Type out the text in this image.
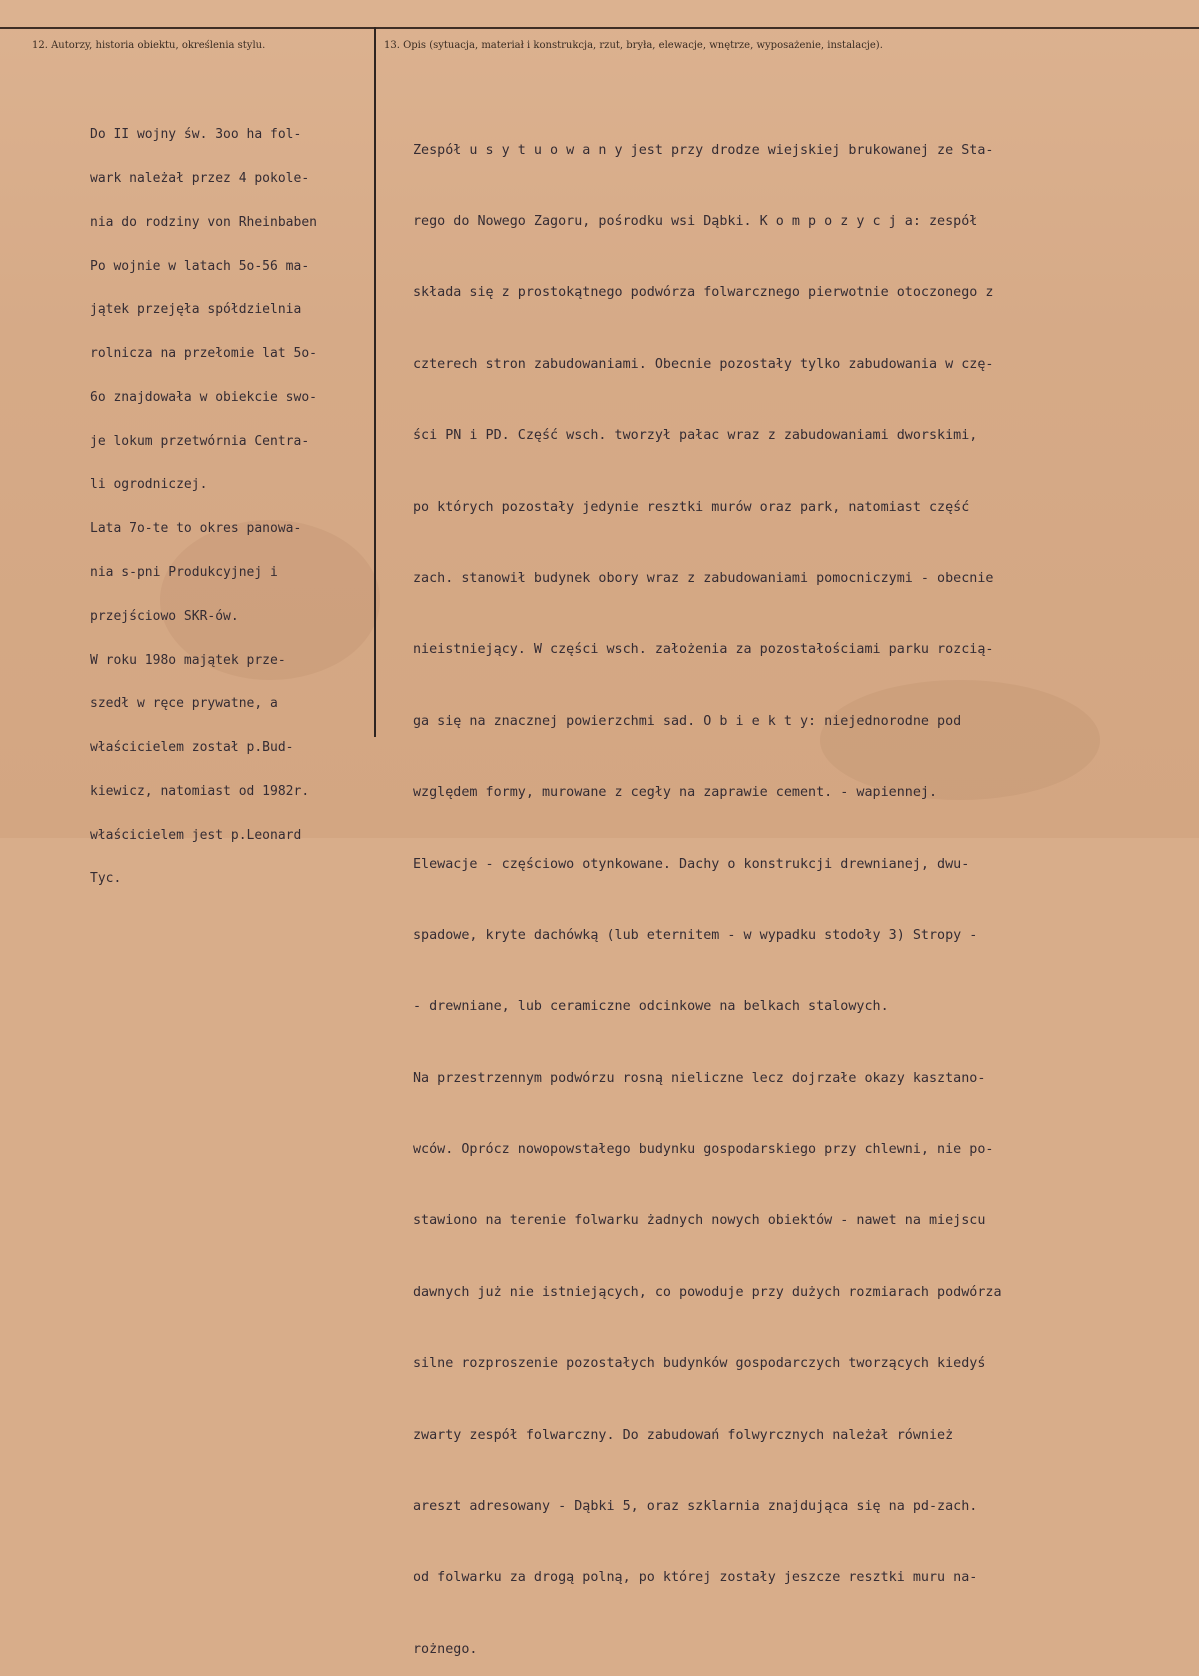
12. Autorzy, historia obiektu, określenia stylu.	13. Opis (sytuacja, materiał i konstrukcja, rzut, bryła, elewacje, wnętrze, wyposażenie, instalacje).

Do II wojny św. 3oo ha fol-

wark należał przez 4 pokole-

nia do rodziny von Rheinbaben

Po wojnie w latach 5o-56 ma-

jątek przejęła spółdzielnia

rolnicza na przełomie lat 5o-

6o znajdowała w obiekcie swo-

je lokum przetwórnia Centra-

li ogrodniczej.

Lata 7o-te to okres panowa-

nia s-pni Produkcyjnej i

przejściowo SKR-ów.

W roku 198o majątek prze-

szedł w ręce prywatne, a

właścicielem został p.Bud-

kiewicz, natomiast od 1982r.

właścicielem jest p.Leonard

Tyc.

Zespół u s y t u o w a n y jest przy drodze wiejskiej brukowanej ze Sta-

rego do Nowego Zagoru, pośrodku wsi Dąbki. K o m p o z y c j a: zespół

składa się z prostokątnego podwórza folwarcznego pierwotnie otoczonego z

czterech stron zabudowaniami. Obecnie pozostały tylko zabudowania w czę-

ści PN i PD. Część wsch. tworzył pałac wraz z zabudowaniami dworskimi,

po których pozostały jedynie resztki murów oraz park, natomiast część

zach. stanowił budynek obory wraz z zabudowaniami pomocniczymi - obecnie

nieistniejący. W części wsch. założenia za pozostałościami parku rozcią-

ga się na znacznej powierzchmi sad. O b i e k t y: niejednorodne pod

względem formy, murowane z cegły na zaprawie cement. - wapiennej.

Elewacje - częściowo otynkowane. Dachy o konstrukcji drewnianej, dwu-

spadowe, kryte dachówką (lub eternitem - w wypadku stodoły 3) Stropy -

- drewniane, lub ceramiczne odcinkowe na belkach stalowych.

Na przestrzennym podwórzu rosną nieliczne lecz dojrzałe okazy kasztano-

wców. Oprócz nowopowstałego budynku gospodarskiego przy chlewni, nie po-

stawiono na terenie folwarku żadnych nowych obiektów - nawet na miejscu

dawnych już nie istniejących, co powoduje przy dużych rozmiarach podwórza

silne rozproszenie pozostałych budynków gospodarczych tworzących kiedyś

zwarty zespół folwarczny. Do zabudowań folwyrcznych należał również

areszt adresowany - Dąbki 5, oraz szklarnia znajdująca się na pd-zach.

od folwarku za drogą polną, po której zostały jeszcze resztki muru na-

rożnego.
